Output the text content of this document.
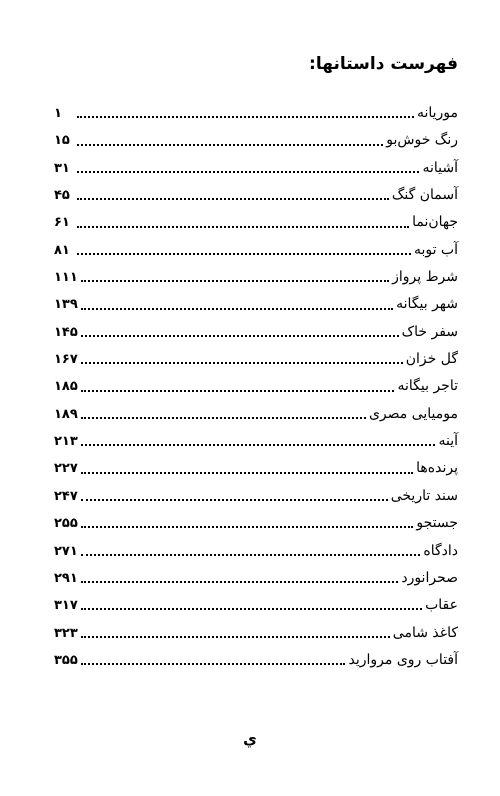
فهرست داستانها:
موریانه
۱
رنگ خوش‌بو
۱۵
آشیانه
۳۱
آسمان گنگ
۴۵
جهان‌نما
۶۱
آب توبه
۸۱
شرط پرواز
۱۱۱
شهر بیگانه
۱۳۹
سفر خاک
۱۴۵
گل خزان
۱۶۷
تاجر بیگانه
۱۸۵
مومیایی مصری
۱۸۹
آینه
۲۱۳
پرنده‌ها
۲۲۷
سند تاریخی
۲۴۷
جستجو
۲۵۵
دادگاه
۲۷۱
صحرانورد
۲۹۱
عقاب
۳۱۷
کاغذ شامی
۳۲۳
آفتاب روی مروارید
۳۵۵
ي
